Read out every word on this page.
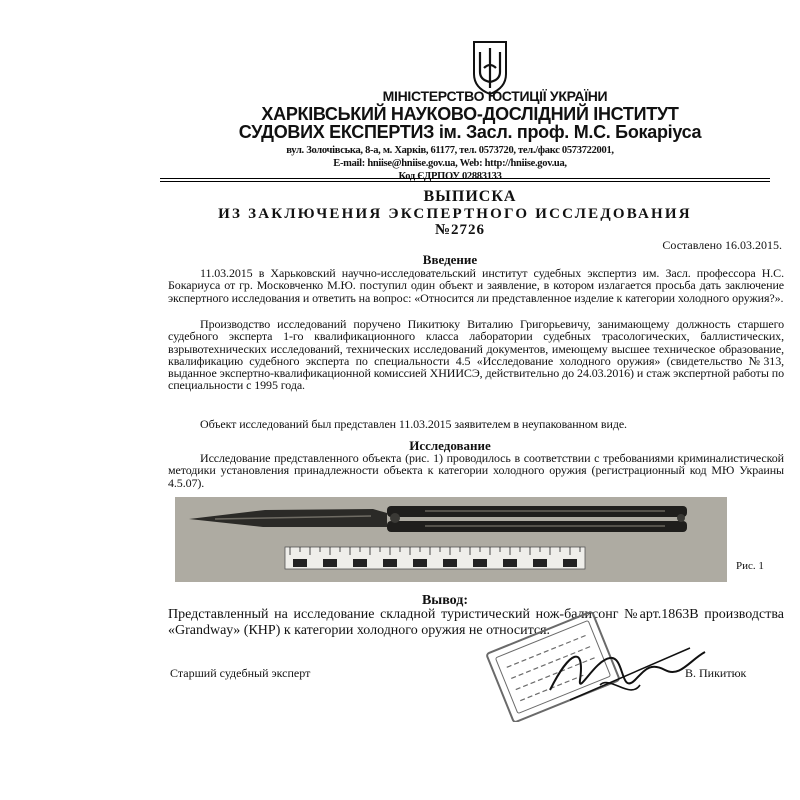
МІНІСТЕРСТВО ЮСТИЦІЇ УКРАЇНИ
ХАРКІВСЬКИЙ НАУКОВО-ДОСЛІДНИЙ ІНСТИТУТ
СУДОВИХ ЕКСПЕРТИЗ ім. Засл. проф. М.С. Бокаріуса
вул. Золочівська, 8-а, м. Харків, 61177, тел. 0573720, тел./факс 0573722001,
E-mail: hniise@hniise.gov.ua, Web: http://hniise.gov.ua,
Код ЄДРПОУ 02883133
ВЫПИСКА
ИЗ ЗАКЛЮЧЕНИЯ ЭКСПЕРТНОГО ИССЛЕДОВАНИЯ
№2726
Составлено 16.03.2015.
Введение
11.03.2015 в Харьковский научно-исследовательский институт судебных экспертиз им. Засл. профессора Н.С. Бокариуса от гр. Московченко М.Ю. поступил один объект и заявление, в котором излагается просьба дать заключение экспертного исследования и ответить на вопрос: «Относится ли представленное изделие к категории холодного оружия?».
Производство исследований поручено Пикитюку Виталию Григорьевичу, занимающему должность старшего судебного эксперта 1-го квалификационного класса лаборатории судебных трасологических, баллистических, взрывотехнических исследований, технических исследований документов, имеющему высшее техническое образование, квалификацию судебного эксперта по специальности 4.5 «Исследование холодного оружия» (свидетельство №313, выданное экспертно-квалификационной комиссией ХНИИСЭ, действительно до 24.03.2016) и стаж экспертной работы по специальности с 1995 года.
Объект исследований был представлен 11.03.2015 заявителем в неупакованном виде.
Исследование
Исследование представленного объекта (рис. 1) проводилось в соответствии с требованиями криминалистической методики установления принадлежности объекта к категории холодного оружия (регистрационный код МЮ Украины 4.5.07).
Рис. 1
Вывод:
Представленный на исследование складной туристический нож-балисонг №арт.1863В производства «Grandway» (КНР) к категории холодного оружия не относится.
Старший судебный эксперт	В. Пикитюк
